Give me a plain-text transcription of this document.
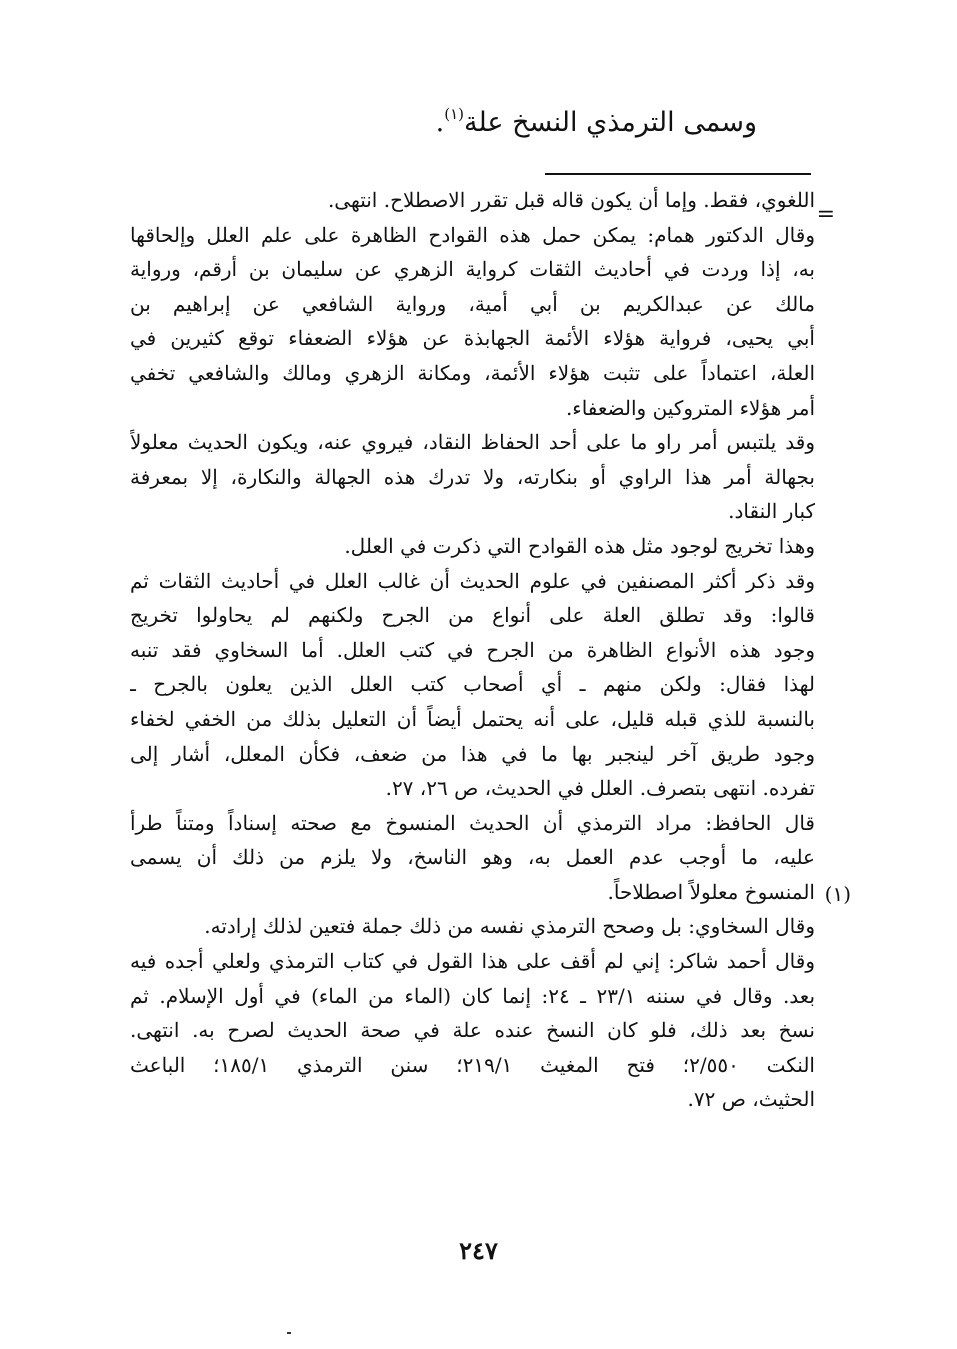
وسمى الترمذي النسخ علة$^{(١)}$.
=
(١)
اللغوي، فقط. وإما أن يكون قاله قبل تقرر الاصطلاح. انتهى.
وقال الدكتور همام: يمكن حمل هذه القوادح الظاهرة على علم العلل وإلحاقها
به، إذا وردت في أحاديث الثقات كرواية الزهري عن سليمان بن أرقم، ورواية
مالك عن عبدالكريم بن أبي أمية، ورواية الشافعي عن إبراهيم بن
أبي يحيى، فرواية هؤلاء الأئمة الجهابذة عن هؤلاء الضعفاء توقع كثيرين في
العلة، اعتماداً على تثبت هؤلاء الأئمة، ومكانة الزهري ومالك والشافعي تخفي
أمر هؤلاء المتروكين والضعفاء.
وقد يلتبس أمر راو ما على أحد الحفاظ النقاد، فيروي عنه، ويكون الحديث معلولاً
بجهالة أمر هذا الراوي أو بنكارته، ولا تدرك هذه الجهالة والنكارة، إلا بمعرفة
كبار النقاد.
وهذا تخريج لوجود مثل هذه القوادح التي ذكرت في العلل.
وقد ذكر أكثر المصنفين في علوم الحديث أن غالب العلل في أحاديث الثقات ثم
قالوا: وقد تطلق العلة على أنواع من الجرح ولكنهم لم يحاولوا تخريج
وجود هذه الأنواع الظاهرة من الجرح في كتب العلل. أما السخاوي فقد تنبه
لهذا فقال: ولكن منهم ـ أي أصحاب كتب العلل الذين يعلون بالجرح ـ
بالنسبة للذي قبله قليل، على أنه يحتمل أيضاً أن التعليل بذلك من الخفي لخفاء
وجود طريق آخر لينجبر بها ما في هذا من ضعف، فكأن المعلل، أشار إلى
تفرده. انتهى بتصرف. العلل في الحديث، ص ٢٦، ٢٧.
قال الحافظ: مراد الترمذي أن الحديث المنسوخ مع صحته إسناداً ومتناً طرأ
عليه، ما أوجب عدم العمل به، وهو الناسخ، ولا يلزم من ذلك أن يسمى
المنسوخ معلولاً اصطلاحاً.
وقال السخاوي: بل وصحح الترمذي نفسه من ذلك جملة فتعين لذلك إرادته.
وقال أحمد شاكر: إني لم أقف على هذا القول في كتاب الترمذي ولعلي أجده فيه
بعد. وقال في سننه ٢٣/١ ـ ٢٤: إنما كان (الماء من الماء) في أول الإسلام. ثم
نسخ بعد ذلك، فلو كان النسخ عنده علة في صحة الحديث لصرح به. انتهى.
النكت ٢/٥٥٠؛ فتح المغيث ٢١٩/١؛ سنن الترمذي ١٨٥/١؛ الباعث
الحثيث، ص ٧٢.
٢٤٧
